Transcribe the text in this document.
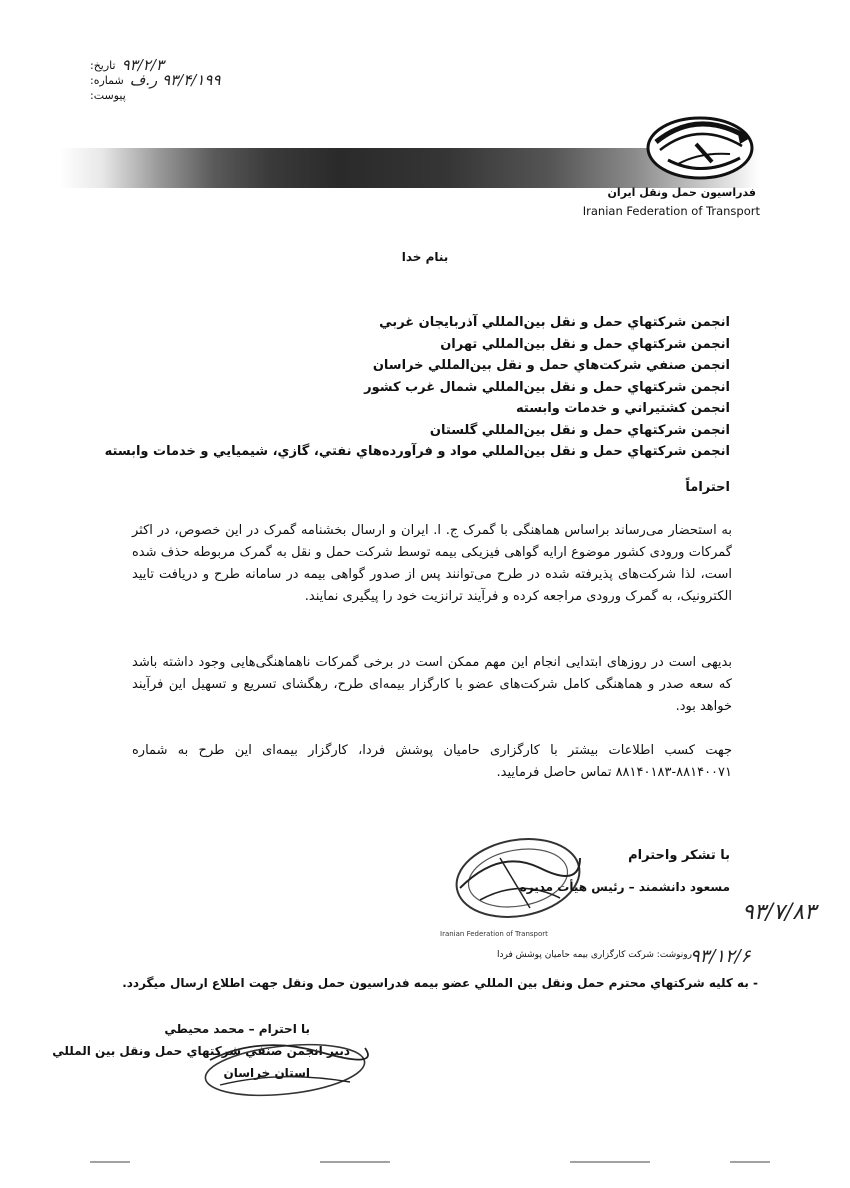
۹۳/۲/۳
تاریخ:
۹۳/۴/۱۹۹ ر.ف
شماره:
پیوست:
فدراسیون حمل ونقل ایران
Iranian Federation of Transport
بنام خدا
انجمن شركتهاي حمل و نقل بين‌المللي آذربايجان غربي
انجمن شركتهاي حمل و نقل بين‌المللي تهران
انجمن صنفي شركت‌هاي حمل و نقل بين‌المللي خراسان
انجمن شركتهاي حمل و نقل بين‌المللي شمال غرب كشور
انجمن كشتيراني و خدمات وابسته
انجمن شركتهاي حمل و نقل بين‌المللي گلستان
انجمن شركتهاي حمل و نقل بين‌المللي مواد و فرآورده‌هاي نفتي، گازي، شيميايي و خدمات وابسته
احتراماً
به استحضار می‌رساند براساس هماهنگی با گمرک ج. ا. ایران و ارسال بخشنامه گمرک در این خصوص، در اکثر گمرکات ورودی کشور موضوع ارایه گواهی فیزیکی بیمه توسط شرکت حمل و نقل به گمرک مربوطه حذف شده است، لذا شرکت‌های پذیرفته شده در طرح می‌توانند پس از صدور گواهی بیمه در سامانه طرح و دریافت تایید الکترونیک، به گمرک ورودی مراجعه کرده و فرآیند ترانزیت خود را پیگیری نمایند.
بدیهی است در روزهای ابتدایی انجام این مهم ممکن است در برخی گمرکات ناهماهنگی‌هایی وجود داشته باشد که سعه صدر و هماهنگی کامل شرکت‌های عضو با کارگزار بیمه‌ای طرح، رهگشای تسریع و تسهیل این فرآیند خواهد بود.
جهت کسب اطلاعات بیشتر با کارگزاری حامیان پوشش فردا، کارگزار بیمه‌ای این طرح به شماره ۸۸۱۴۰۰۷۱-۸۸۱۴۰۱۸۳ تماس حاصل فرمایید.
Iranian Federation of Transport
با تشکر واحترام
مسعود دانشمند – رئیس هیأت مدیره
۹۳/۷/۸۳
۹۳/۱۲/۶
رونوشت: شرکت کارگزاری بیمه حامیان پوشش فردا
- به كليه شركتهاي محترم حمل ونقل بين المللي عضو بيمه فدراسيون حمل ونقل جهت اطلاع ارسال ميگردد.
با احترام – محمد محيطي
دبير انجمن صنفي شركتهاي حمل ونقل بين المللي
استان خراسان
